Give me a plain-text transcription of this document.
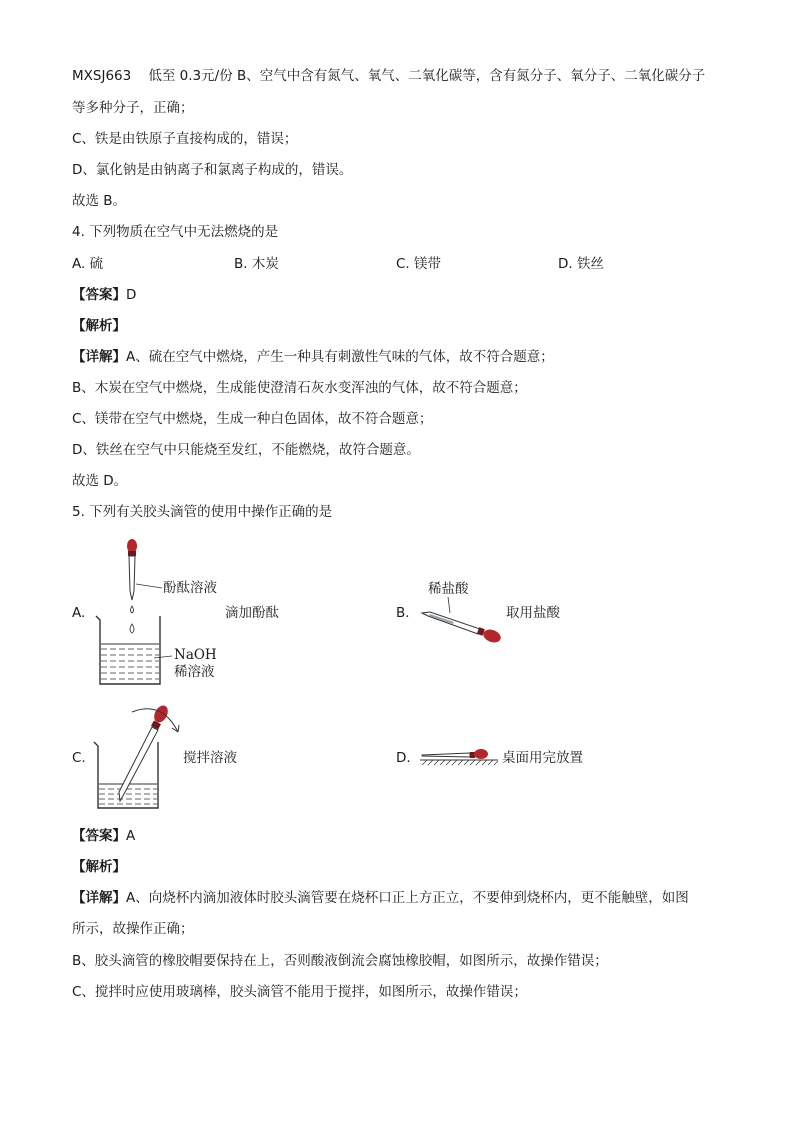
MXSJ663 低至 0.3元/份 B、空气中含有氮气、氧气、二氧化碳等，含有氮分子、氧分子、二氧化碳分子
等多种分子，正确；
C、铁是由铁原子直接构成的，错误；
D、氯化钠是由钠离子和氯离子构成的，错误。
故选 B。
4. 下列物质在空气中无法燃烧的是
A. 硫	B. 木炭	C. 镁带	D. 铁丝
【答案】D
【解析】
【详解】A、硫在空气中燃烧，产生一种具有刺激性气味的气体，故不符合题意；
B、木炭在空气中燃烧，生成能使澄清石灰水变浑浊的气体，故不符合题意；
C、镁带在空气中燃烧，生成一种白色固体，故不符合题意；
D、铁丝在空气中只能烧至发红，不能燃烧，故符合题意。
故选 D。
5. 下列有关胶头滴管的使用中操作正确的是
A.
酚酞溶液
滴加酚酞
NaOH
稀溶液
B.
稀盐酸
取用盐酸
C.	搅拌溶液	D.	桌面用完放置
【答案】A
【解析】
【详解】A、向烧杯内滴加液体时胶头滴管要在烧杯口正上方正立，不要伸到烧杯内，更不能触壁，如图
所示，故操作正确；
B、胶头滴管的橡胶帽要保持在上，否则酸液倒流会腐蚀橡胶帽，如图所示，故操作错误；
C、搅拌时应使用玻璃棒，胶头滴管不能用于搅拌，如图所示，故操作错误；
